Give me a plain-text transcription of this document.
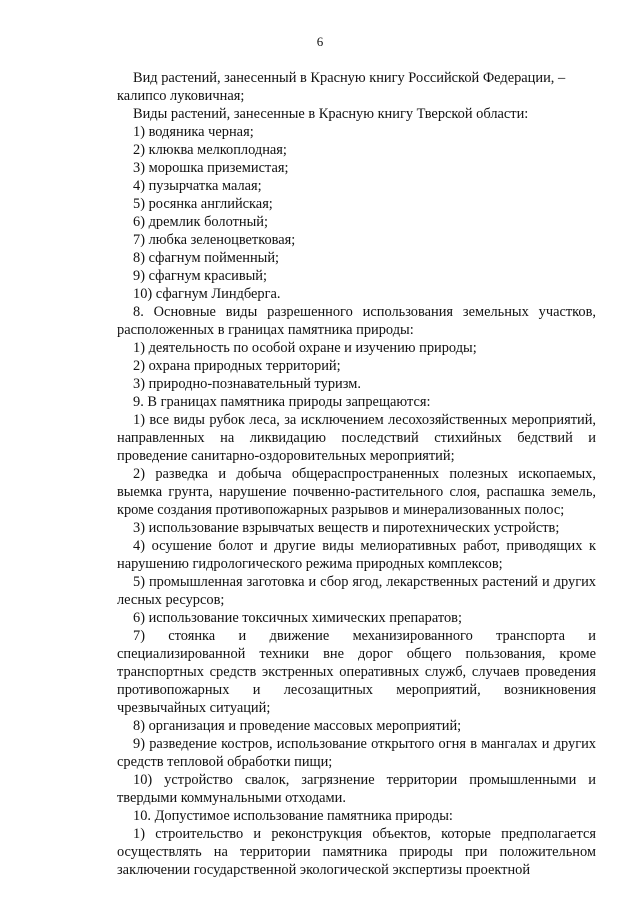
6

Вид растений, занесенный в Красную книгу Российской Федерации, – калипсо луковичная;

Виды растений, занесенные в Красную книгу Тверской области:

1) водяника черная;

2) клюква мелкоплодная;

3) морошка приземистая;

4) пузырчатка малая;

5) росянка английская;

6) дремлик болотный;

7) любка зеленоцветковая;

8) сфагнум пойменный;

9) сфагнум красивый;

10) сфагнум Линдберга.

8. Основные виды разрешенного использования земельных участков, расположенных в границах памятника природы:

1) деятельность по особой охране и изучению природы;

2) охрана природных территорий;

3) природно-познавательный туризм.

9. В границах памятника природы запрещаются:

1) все виды рубок леса, за исключением лесохозяйственных мероприятий, направленных на ликвидацию последствий стихийных бедствий и проведение санитарно-оздоровительных мероприятий;

2) разведка и добыча общераспространенных полезных ископаемых, выемка грунта, нарушение почвенно-растительного слоя, распашка земель, кроме создания противопожарных разрывов и минерализованных полос;

3) использование взрывчатых веществ и пиротехнических устройств;

4) осушение болот и другие виды мелиоративных работ, приводящих к нарушению гидрологического режима природных комплексов;

5) промышленная заготовка и сбор ягод, лекарственных растений и других лесных ресурсов;

6) использование токсичных химических препаратов;

7) стоянка и движение механизированного транспорта и специализированной техники вне дорог общего пользования, кроме транспортных средств экстренных оперативных служб, случаев проведения противопожарных и лесозащитных мероприятий, возникновения чрезвычайных ситуаций;

8) организация и проведение массовых мероприятий;

9) разведение костров, использование открытого огня в мангалах и других средств тепловой обработки пищи;

10) устройство свалок, загрязнение территории промышленными и твердыми коммунальными отходами.

10. Допустимое использование памятника природы:

1) строительство и реконструкция объектов, которые предполагается осуществлять на территории памятника природы при положительном заключении государственной экологической экспертизы проектной
